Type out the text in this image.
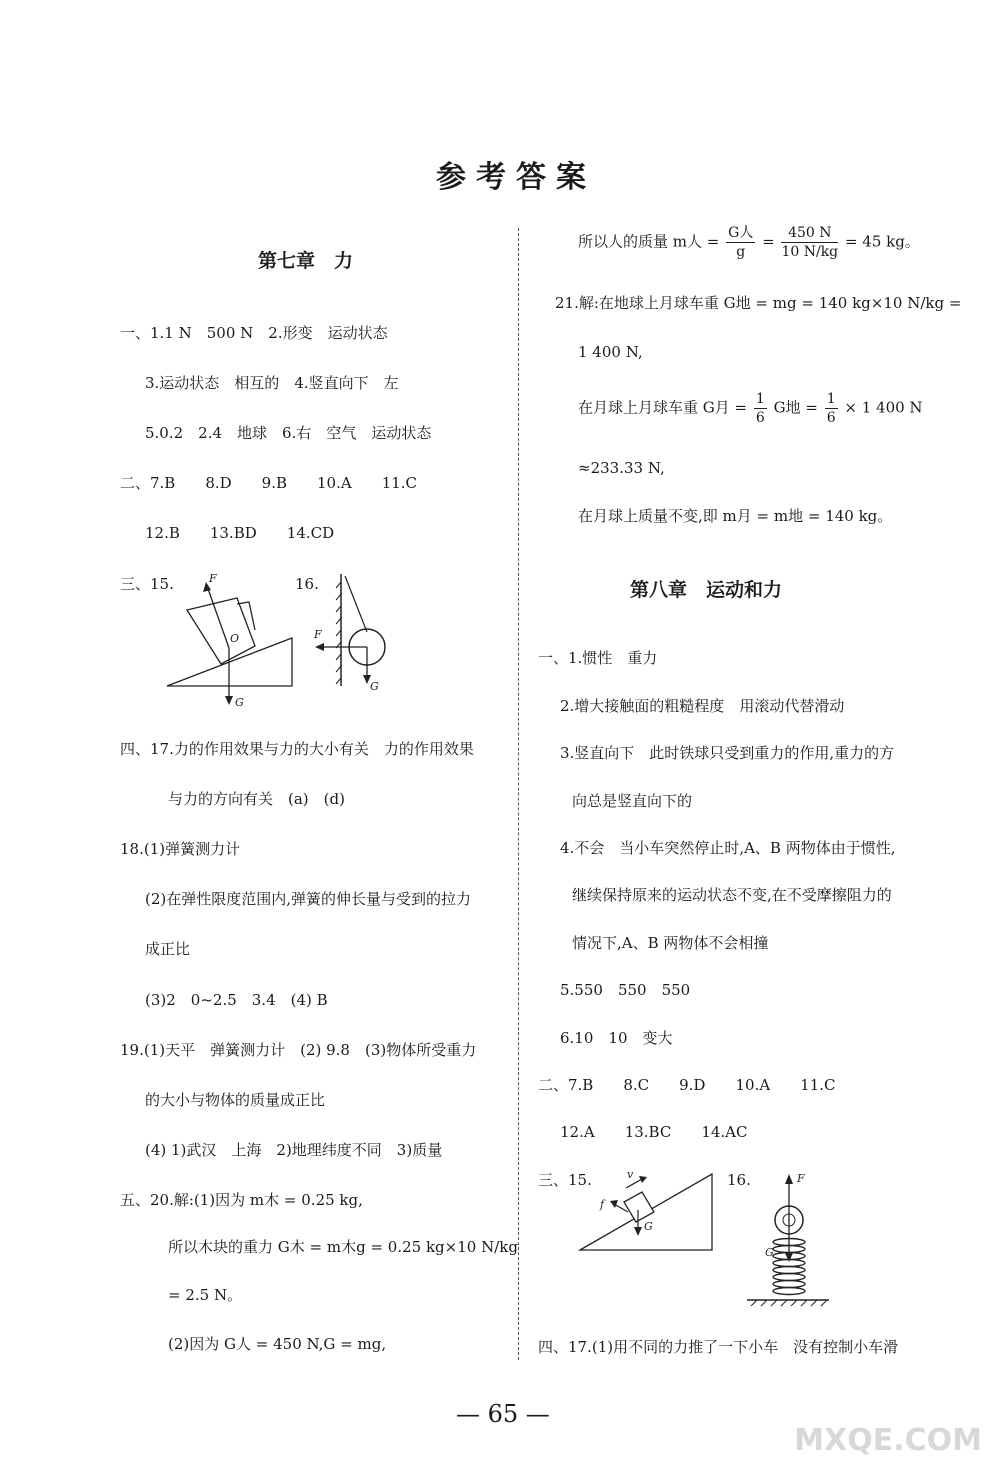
参考答案
第七章　力
一、1.1 N　500 N　2.形变　运动状态
3.运动状态　相互的　4.竖直向下　左
5.0.2　2.4　地球　6.右　空气　运动状态
二、7.B　　8.D　　9.B　　10.A　　11.C
12.B　　13.BD　　14.CD
三、15.	F
O
G
16.
F
G
四、17.力的作用效果与力的大小有关　力的作用效果
与力的方向有关　(a)　(d)
18.(1)弹簧测力计
(2)在弹性限度范围内,弹簧的伸长量与受到的拉力
成正比
(3)2　0~2.5　3.4　(4) B
19.(1)天平　弹簧测力计　(2) 9.8　(3)物体所受重力
的大小与物体的质量成正比
(4) 1)武汉　上海　2)地理纬度不同　3)质量
五、20.解:(1)因为 m木 = 0.25 kg,
所以木块的重力 G木 = m木g = 0.25 kg×10 N/kg
= 2.5 N。
(2)因为 G人 = 450 N,G = mg,
所以人的质量 m人 = $\frac{\text{G人}}{g} = \frac{450 N}{10 N/kg} = 45$ kg。
21.解:在地球上月球车重 G地 = mg = 140 kg×10 N/kg =
1 400 N,
在月球上月球车重 G月 = $\frac{1}{6}$ G地 = $\frac{1}{6} \times 1$ 400 N
≈233.33 N,
在月球上质量不变,即 m月 = m地 = 140 kg。
第八章　运动和力
一、1.惯性　重力
2.增大接触面的粗糙程度　用滚动代替滑动
3.竖直向下　此时铁球只受到重力的作用,重力的方
向总是竖直向下的
4.不会　当小车突然停止时,A、B 两物体由于惯性,
继续保持原来的运动状态不变,在不受摩擦阻力的
情况下,A、B 两物体不会相撞
5.550　550　550
6.10　10　变大
二、7.B　　8.C　　9.D　　10.A　　11.C
12.A　　13.BC　　14.AC
三、15.	v
f
G
16.	F
G
四、17.(1)用不同的力推了一下小车　没有控制小车滑
— 65 —
MXQE.COM
